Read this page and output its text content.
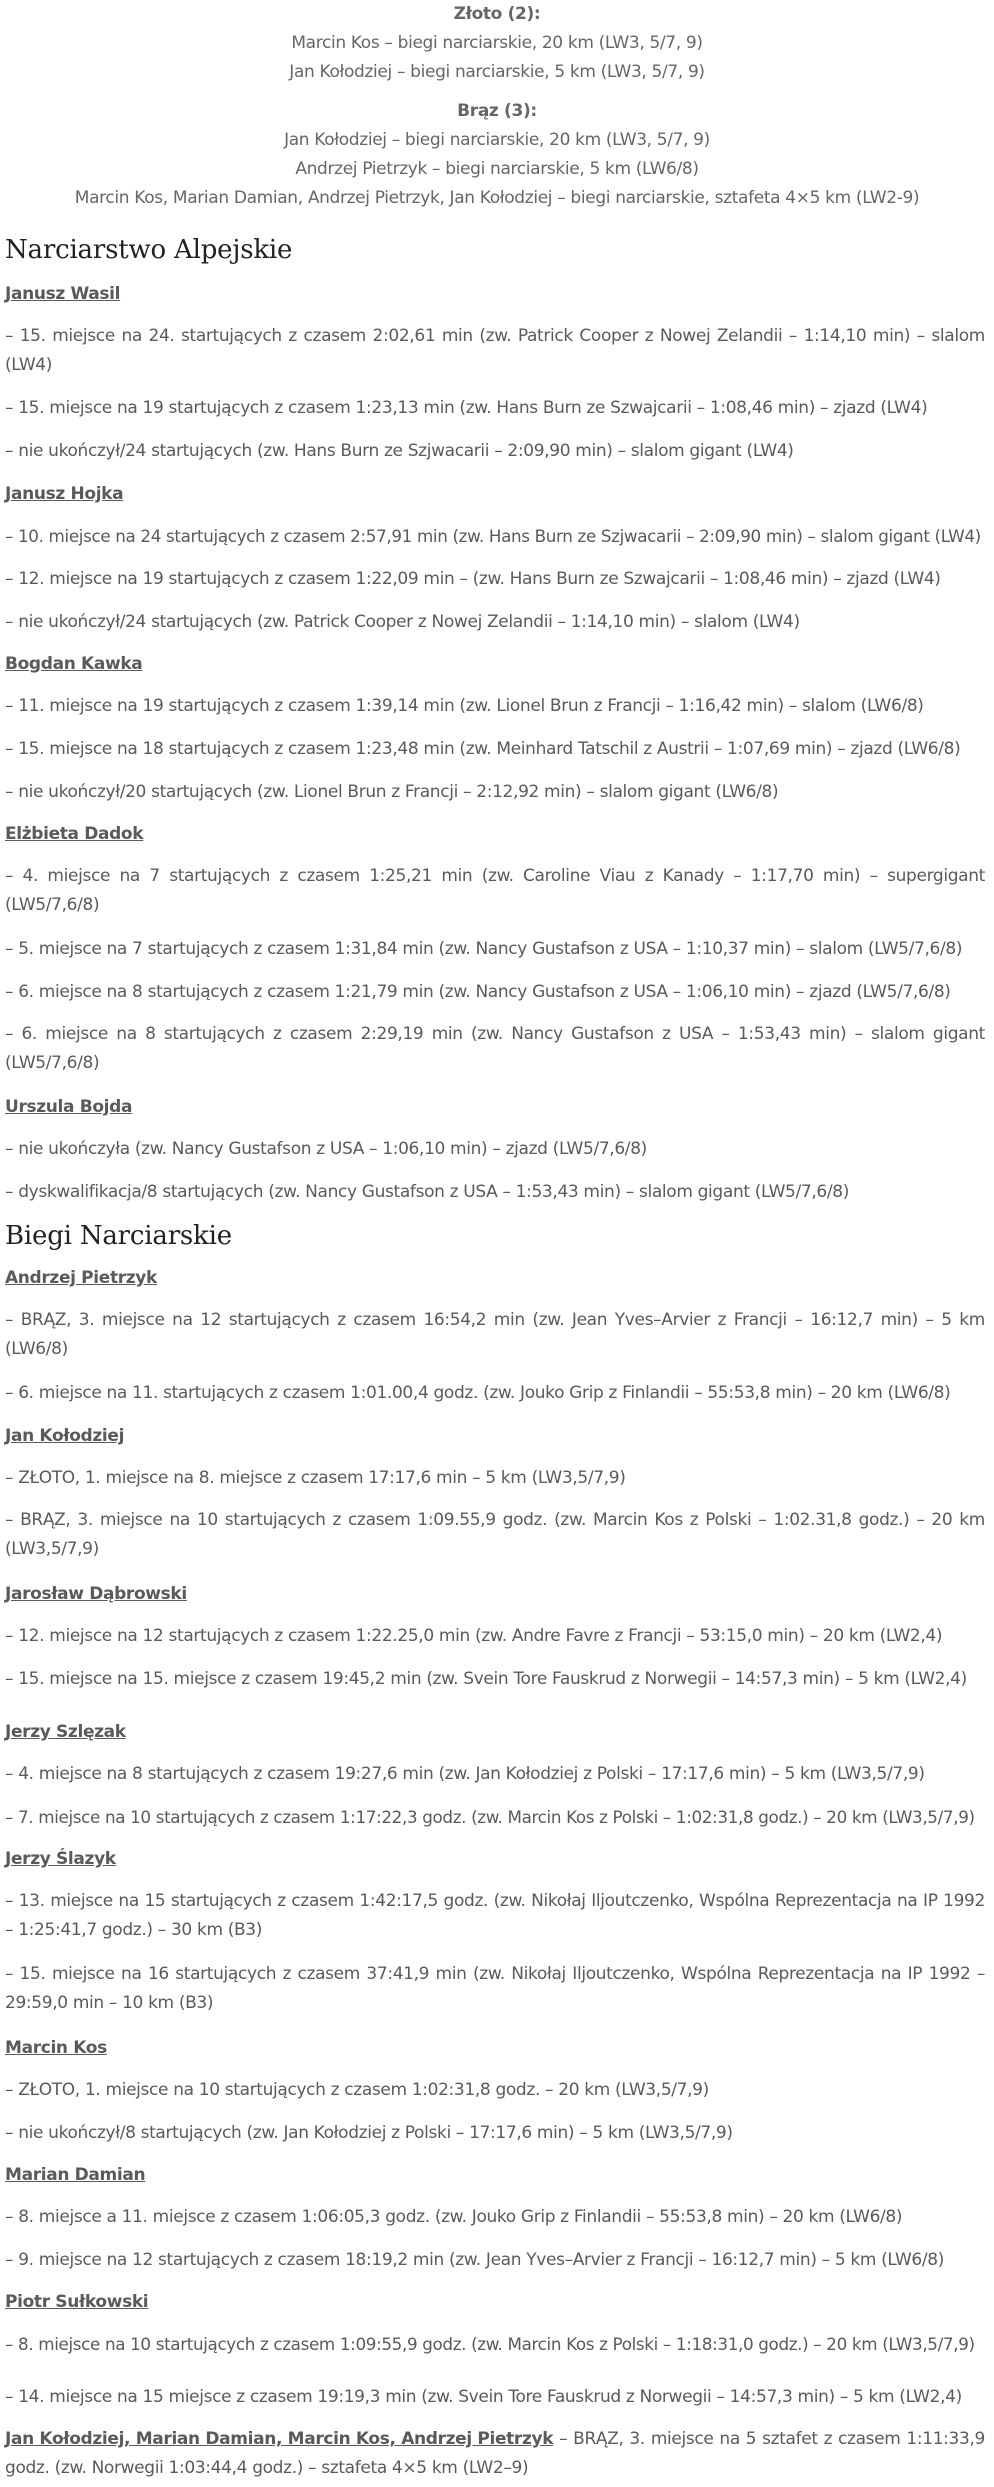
Złoto (2):
Marcin Kos – biegi narciarskie, 20 km (LW3, 5/7, 9)
Jan Kołodziej – biegi narciarskie, 5 km (LW3, 5/7, 9)
Brąz (3):
Jan Kołodziej – biegi narciarskie, 20 km (LW3, 5/7, 9)
Andrzej Pietrzyk – biegi narciarskie, 5 km (LW6/8)
Marcin Kos, Marian Damian, Andrzej Pietrzyk, Jan Kołodziej – biegi narciarskie, sztafeta 4×5 km (LW2-9)
Narciarstwo Alpejskie
Janusz Wasil

– 15. miejsce na 24. startujących z czasem 2:02,61 min (zw. Patrick Cooper z Nowej Zelandii – 1:14,10 min) – slalom (LW4)

– 15. miejsce na 19 startujących z czasem 1:23,13 min (zw. Hans Burn ze Szwajcarii – 1:08,46 min) – zjazd (LW4)

– nie ukończył/24 startujących (zw. Hans Burn ze Szjwacarii – 2:09,90 min) – slalom gigant (LW4)

Janusz Hojka

– 10. miejsce na 24 startujących z czasem 2:57,91 min (zw. Hans Burn ze Szjwacarii – 2:09,90 min) – slalom gigant (LW4)

– 12. miejsce na 19 startujących z czasem 1:22,09 min – (zw. Hans Burn ze Szwajcarii – 1:08,46 min) – zjazd (LW4)

– nie ukończył/24 startujących (zw. Patrick Cooper z Nowej Zelandii – 1:14,10 min) – slalom (LW4)

Bogdan Kawka

– 11. miejsce na 19 startujących z czasem 1:39,14 min (zw. Lionel Brun z Francji – 1:16,42 min) – slalom (LW6/8)

– 15. miejsce na 18 startujących z czasem 1:23,48 min (zw. Meinhard Tatschil z Austrii – 1:07,69 min) – zjazd (LW6/8)

– nie ukończył/20 startujących (zw. Lionel Brun z Francji – 2:12,92 min) – slalom gigant (LW6/8)

Elżbieta Dadok

– 4. miejsce na 7 startujących z czasem 1:25,21 min (zw. Caroline Viau z Kanady – 1:17,70 min) – supergigant (LW5/7,6/8)

– 5. miejsce na 7 startujących z czasem 1:31,84 min (zw. Nancy Gustafson z USA – 1:10,37 min) – slalom (LW5/7,6/8)

– 6. miejsce na 8 startujących z czasem 1:21,79 min (zw. Nancy Gustafson z USA – 1:06,10 min) – zjazd (LW5/7,6/8)

– 6. miejsce na 8 startujących z czasem 2:29,19 min (zw. Nancy Gustafson z USA – 1:53,43 min) – slalom gigant (LW5/7,6/8)

Urszula Bojda

– nie ukończyła (zw. Nancy Gustafson z USA – 1:06,10 min) – zjazd (LW5/7,6/8)

– dyskwalifikacja/8 startujących (zw. Nancy Gustafson z USA – 1:53,43 min) – slalom gigant (LW5/7,6/8)

Biegi Narciarskie
Andrzej Pietrzyk

– BRĄZ, 3. miejsce na 12 startujących z czasem 16:54,2 min (zw. Jean Yves–Arvier z Francji – 16:12,7 min) – 5 km (LW6/8)

– 6. miejsce na 11. startujących z czasem 1:01.00,4 godz. (zw. Jouko Grip z Finlandii – 55:53,8 min) – 20 km (LW6/8)

Jan Kołodziej

– ZŁOTO, 1. miejsce na 8. miejsce z czasem 17:17,6 min – 5 km (LW3,5/7,9)

– BRĄZ, 3. miejsce na 10 startujących z czasem 1:09.55,9 godz. (zw. Marcin Kos z Polski – 1:02.31,8 godz.) – 20 km (LW3,5/7,9)

Jarosław Dąbrowski

– 12. miejsce na 12 startujących z czasem 1:22.25,0 min (zw. Andre Favre z Francji – 53:15,0 min) – 20 km (LW2,4)

– 15. miejsce na 15. miejsce z czasem 19:45,2 min (zw. Svein Tore Fauskrud z Norwegii – 14:57,3 min) – 5 km (LW2,4)

Jerzy Szlęzak

– 4. miejsce na 8 startujących z czasem 19:27,6 min (zw. Jan Kołodziej z Polski – 17:17,6 min) – 5 km (LW3,5/7,9)

– 7. miejsce na 10 startujących z czasem 1:17:22,3 godz. (zw. Marcin Kos z Polski – 1:02:31,8 godz.) – 20 km (LW3,5/7,9)

Jerzy Ślazyk

– 13. miejsce na 15 startujących z czasem 1:42:17,5 godz. (zw. Nikołaj Iljoutczenko, Wspólna Reprezentacja na IP 1992 – 1:25:41,7 godz.) – 30 km (B3)

– 15. miejsce na 16 startujących z czasem 37:41,9 min (zw. Nikołaj Iljoutczenko, Wspólna Reprezentacja na IP 1992 – 29:59,0 min – 10 km (B3)

Marcin Kos

– ZŁOTO, 1. miejsce na 10 startujących z czasem 1:02:31,8 godz. – 20 km (LW3,5/7,9)

– nie ukończył/8 startujących (zw. Jan Kołodziej z Polski – 17:17,6 min) – 5 km (LW3,5/7,9)

Marian Damian

– 8. miejsce a 11. miejsce z czasem 1:06:05,3 godz. (zw. Jouko Grip z Finlandii – 55:53,8 min) – 20 km (LW6/8)

– 9. miejsce na 12 startujących z czasem 18:19,2 min (zw. Jean Yves–Arvier z Francji – 16:12,7 min) – 5 km (LW6/8)

Piotr Sułkowski

– 8. miejsce na 10 startujących z czasem 1:09:55,9 godz. (zw. Marcin Kos z Polski – 1:18:31,0 godz.) – 20 km (LW3,5/7,9)

– 14. miejsce na 15 miejsce z czasem 19:19,3 min (zw. Svein Tore Fauskrud z Norwegii – 14:57,3 min) – 5 km (LW2,4)

Jan Kołodziej, Marian Damian, Marcin Kos, Andrzej Pietrzyk – BRĄZ, 3. miejsce na 5 sztafet z czasem 1:11:33,9 godz. (zw. Norwegii 1:03:44,4 godz.) – sztafeta 4×5 km (LW2–9)
